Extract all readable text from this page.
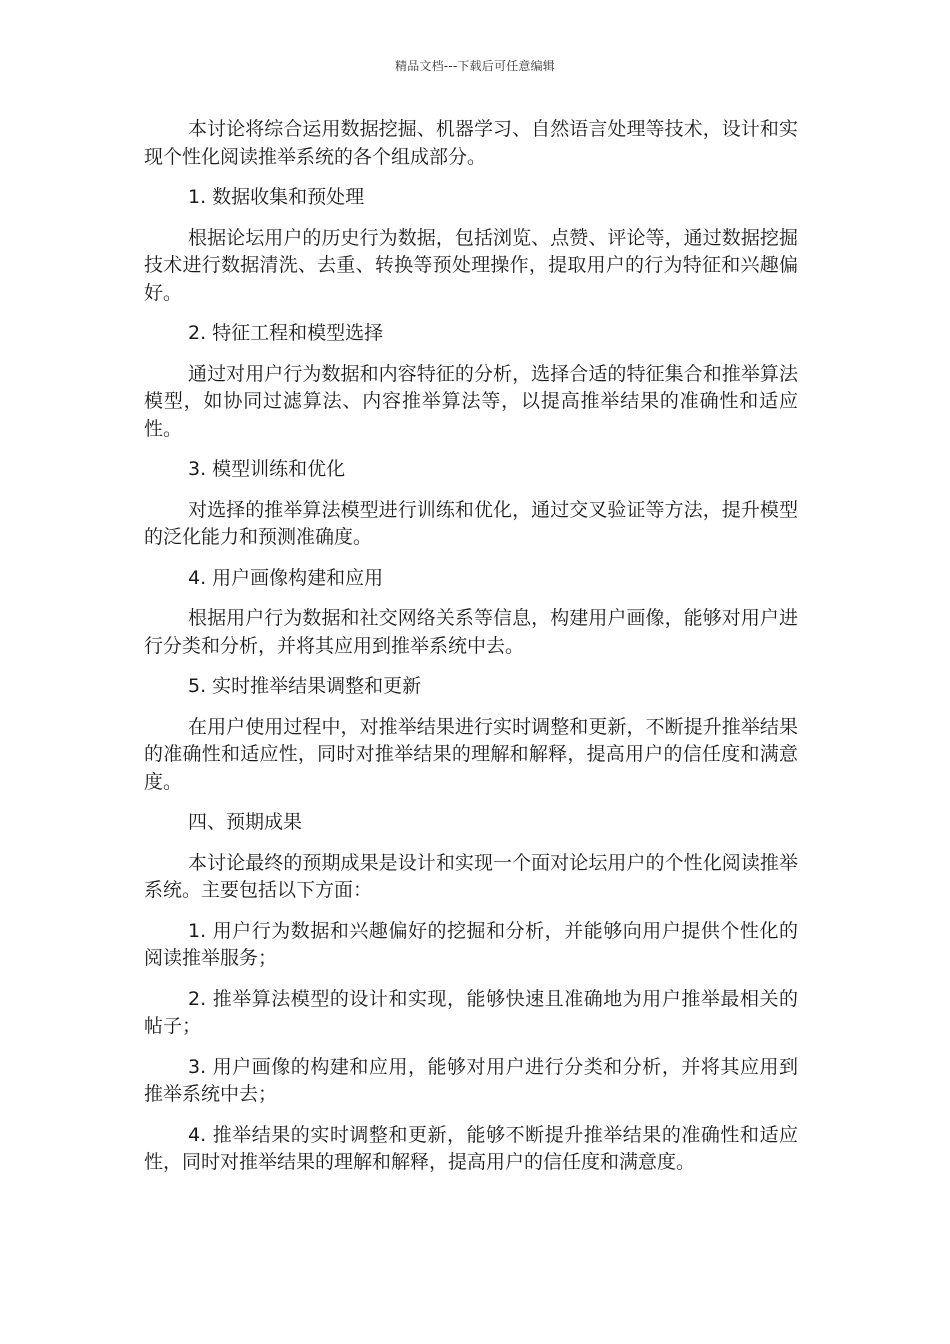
精品文档---下载后可任意编辑

本讨论将综合运用数据挖掘、机器学习、自然语言处理等技术，设计和实现个性化阅读推举系统的各个组成部分。

1. 数据收集和预处理

根据论坛用户的历史行为数据，包括浏览、点赞、评论等，通过数据挖掘技术进行数据清洗、去重、转换等预处理操作，提取用户的行为特征和兴趣偏好。

2. 特征工程和模型选择

通过对用户行为数据和内容特征的分析，选择合适的特征集合和推举算法模型，如协同过滤算法、内容推举算法等，以提高推举结果的准确性和适应性。

3. 模型训练和优化

对选择的推举算法模型进行训练和优化，通过交叉验证等方法，提升模型的泛化能力和预测准确度。

4. 用户画像构建和应用

根据用户行为数据和社交网络关系等信息，构建用户画像，能够对用户进行分类和分析，并将其应用到推举系统中去。

5. 实时推举结果调整和更新

在用户使用过程中，对推举结果进行实时调整和更新，不断提升推举结果的准确性和适应性，同时对推举结果的理解和解释，提高用户的信任度和满意度。

四、预期成果

本讨论最终的预期成果是设计和实现一个面对论坛用户的个性化阅读推举系统。主要包括以下方面：

1. 用户行为数据和兴趣偏好的挖掘和分析，并能够向用户提供个性化的阅读推举服务；

2. 推举算法模型的设计和实现，能够快速且准确地为用户推举最相关的帖子；

3. 用户画像的构建和应用，能够对用户进行分类和分析，并将其应用到推举系统中去；

4. 推举结果的实时调整和更新，能够不断提升推举结果的准确性和适应性，同时对推举结果的理解和解释，提高用户的信任度和满意度。
